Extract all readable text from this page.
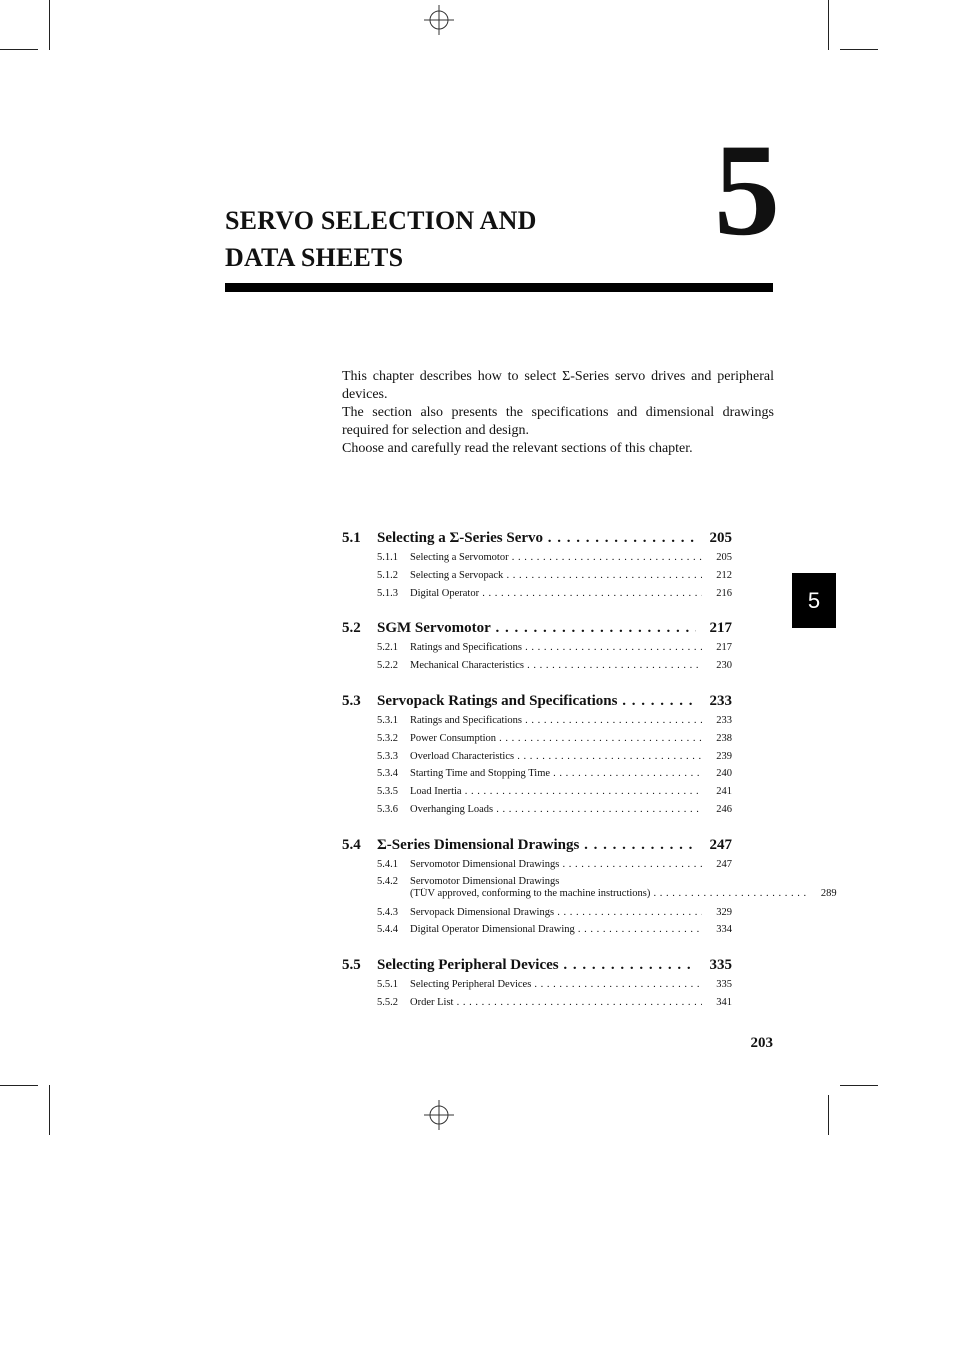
SERVO SELECTION AND
DATA SHEETS	5

This chapter describes how to select Σ-Series servo drives and peripheral devices.

The section also presents the specifications and dimensional drawings required for selection and design.

Choose and carefully read the relevant sections of this chapter.

5.1	Selecting a Σ-Series Servo . . .	205
5.1.1	Selecting a Servomotor . . .	205
5.1.2	Selecting a Servopack . . .	212
5.1.3	Digital Operator . . .	216
5.2	SGM Servomotor . . .	217
5.2.1	Ratings and Specifications . . .	217
5.2.2	Mechanical Characteristics . . .	230
5.3	Servopack Ratings and Specifications . . .	233
5.3.1	Ratings and Specifications . . .	233
5.3.2	Power Consumption . . .	238
5.3.3	Overload Characteristics . . .	239
5.3.4	Starting Time and Stopping Time . . .	240
5.3.5	Load Inertia . . .	241
5.3.6	Overhanging Loads . . .	246
5.4	Σ-Series Dimensional Drawings . . .	247
5.4.1	Servomotor Dimensional Drawings . . .	247
5.4.2	Servomotor Dimensional Drawings
(TÜV approved, conforming to the machine instructions) . . .	289
5.4.3	Servopack Dimensional Drawings . . .	329
5.4.4	Digital Operator Dimensional Drawing . . .	334
5.5	Selecting Peripheral Devices . . .	335
5.5.1	Selecting Peripheral Devices . . .	335
5.5.2	Order List . . .	341
5
203
